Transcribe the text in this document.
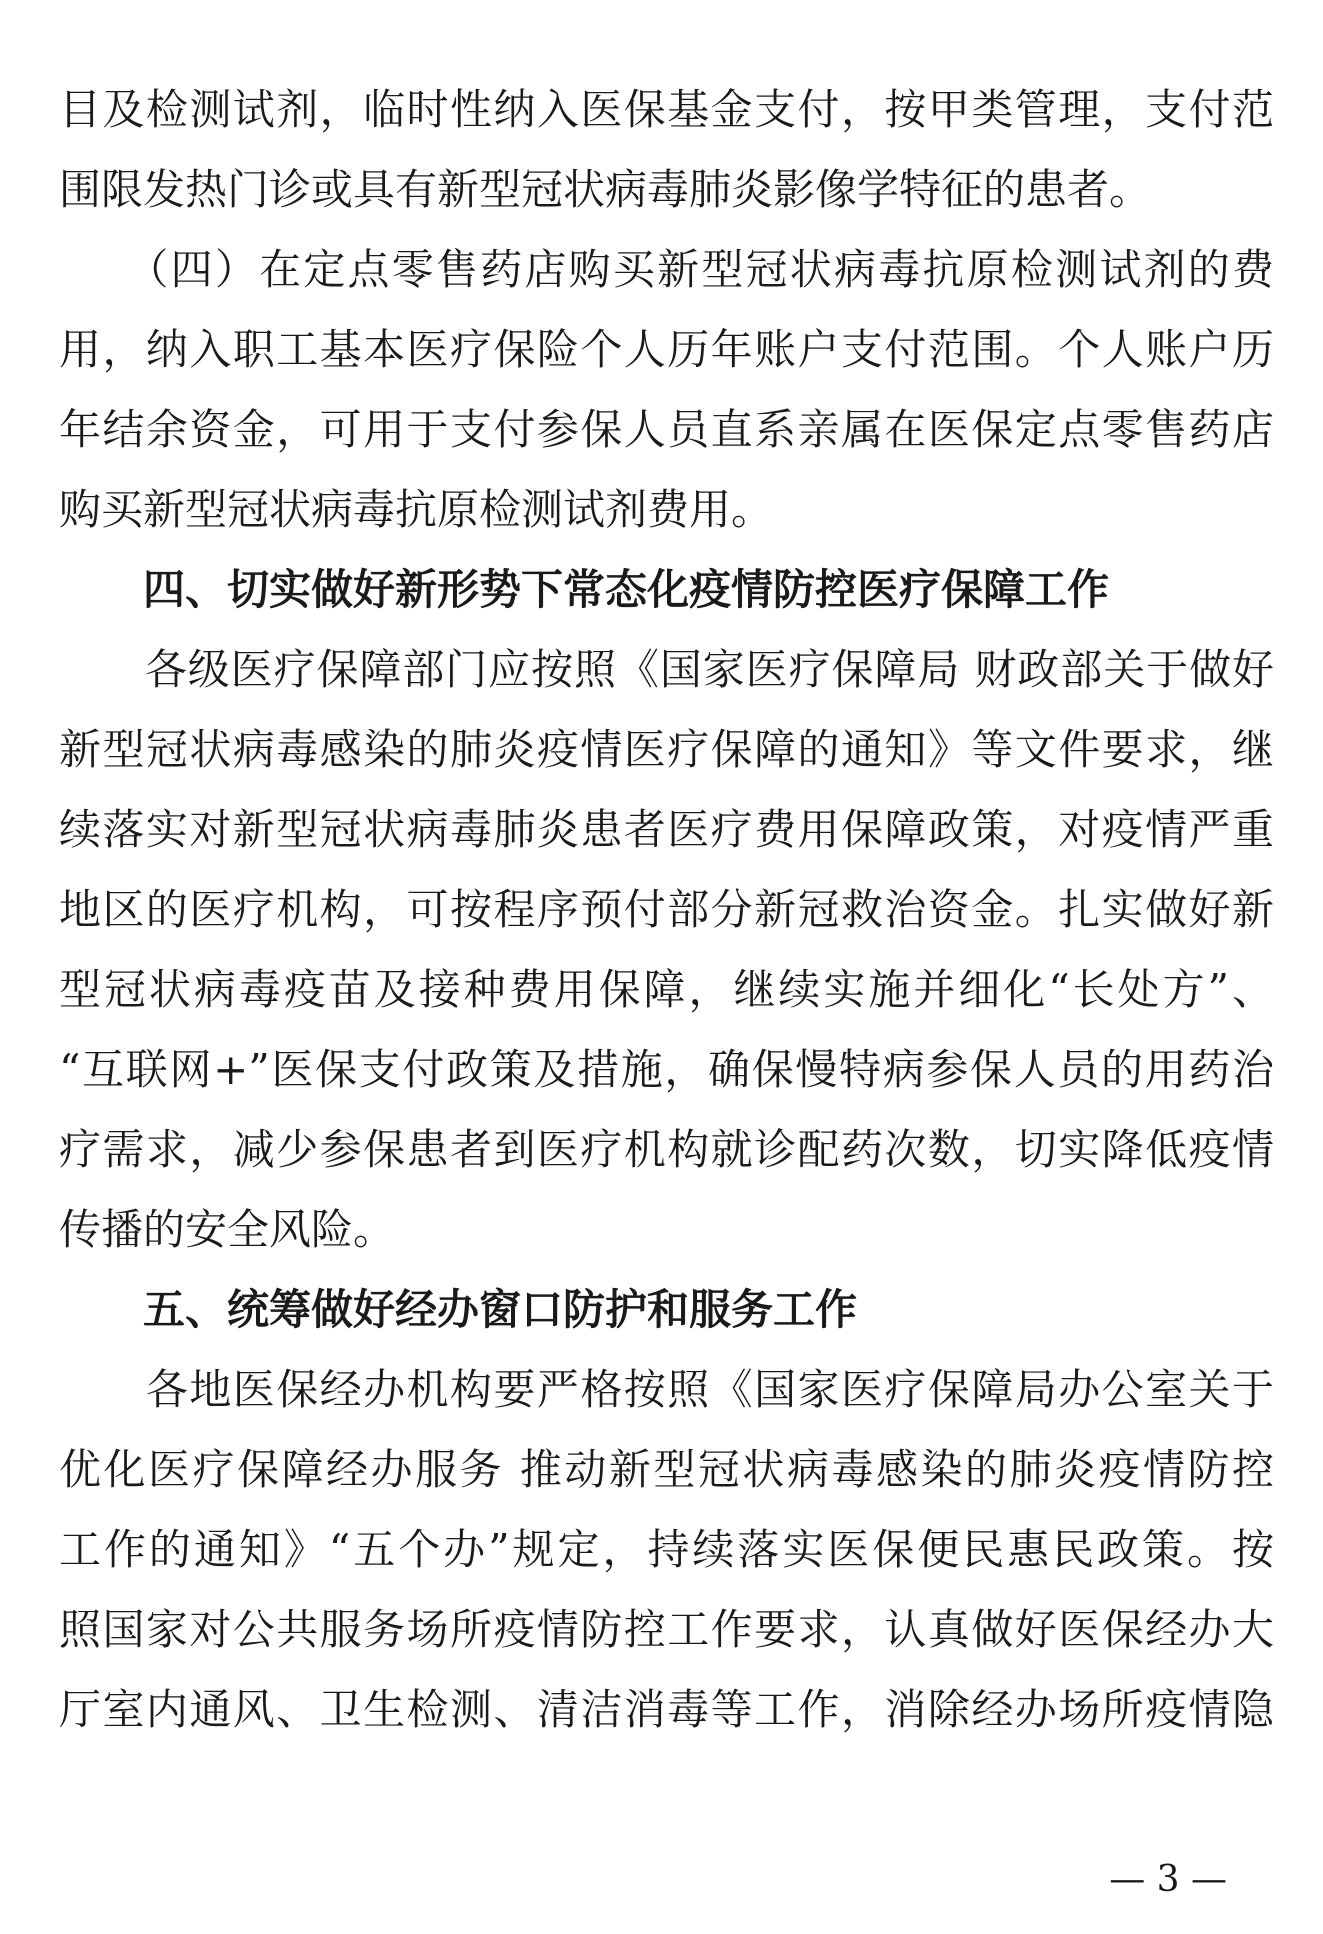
目及检测试剂，临时性纳入医保基金支付，按甲类管理，支付范
围限发热门诊或具有新型冠状病毒肺炎影像学特征的患者。
　　（四）在定点零售药店购买新型冠状病毒抗原检测试剂的费
用，纳入职工基本医疗保险个人历年账户支付范围。个人账户历
年结余资金，可用于支付参保人员直系亲属在医保定点零售药店
购买新型冠状病毒抗原检测试剂费用。
四、切实做好新形势下常态化疫情防控医疗保障工作
　　各级医疗保障部门应按照《国家医疗保障局 财政部关于做好
新型冠状病毒感染的肺炎疫情医疗保障的通知》等文件要求，继
续落实对新型冠状病毒肺炎患者医疗费用保障政策，对疫情严重
地区的医疗机构，可按程序预付部分新冠救治资金。扎实做好新
型冠状病毒疫苗及接种费用保障，继续实施并细化“长处方”、
“互联网+”医保支付政策及措施，确保慢特病参保人员的用药治
疗需求，减少参保患者到医疗机构就诊配药次数，切实降低疫情
传播的安全风险。
五、统筹做好经办窗口防护和服务工作
　　各地医保经办机构要严格按照《国家医疗保障局办公室关于
优化医疗保障经办服务 推动新型冠状病毒感染的肺炎疫情防控
工作的通知》“五个办”规定，持续落实医保便民惠民政策。按
照国家对公共服务场所疫情防控工作要求，认真做好医保经办大
厅室内通风、卫生检测、清洁消毒等工作，消除经办场所疫情隐
— 3 —
